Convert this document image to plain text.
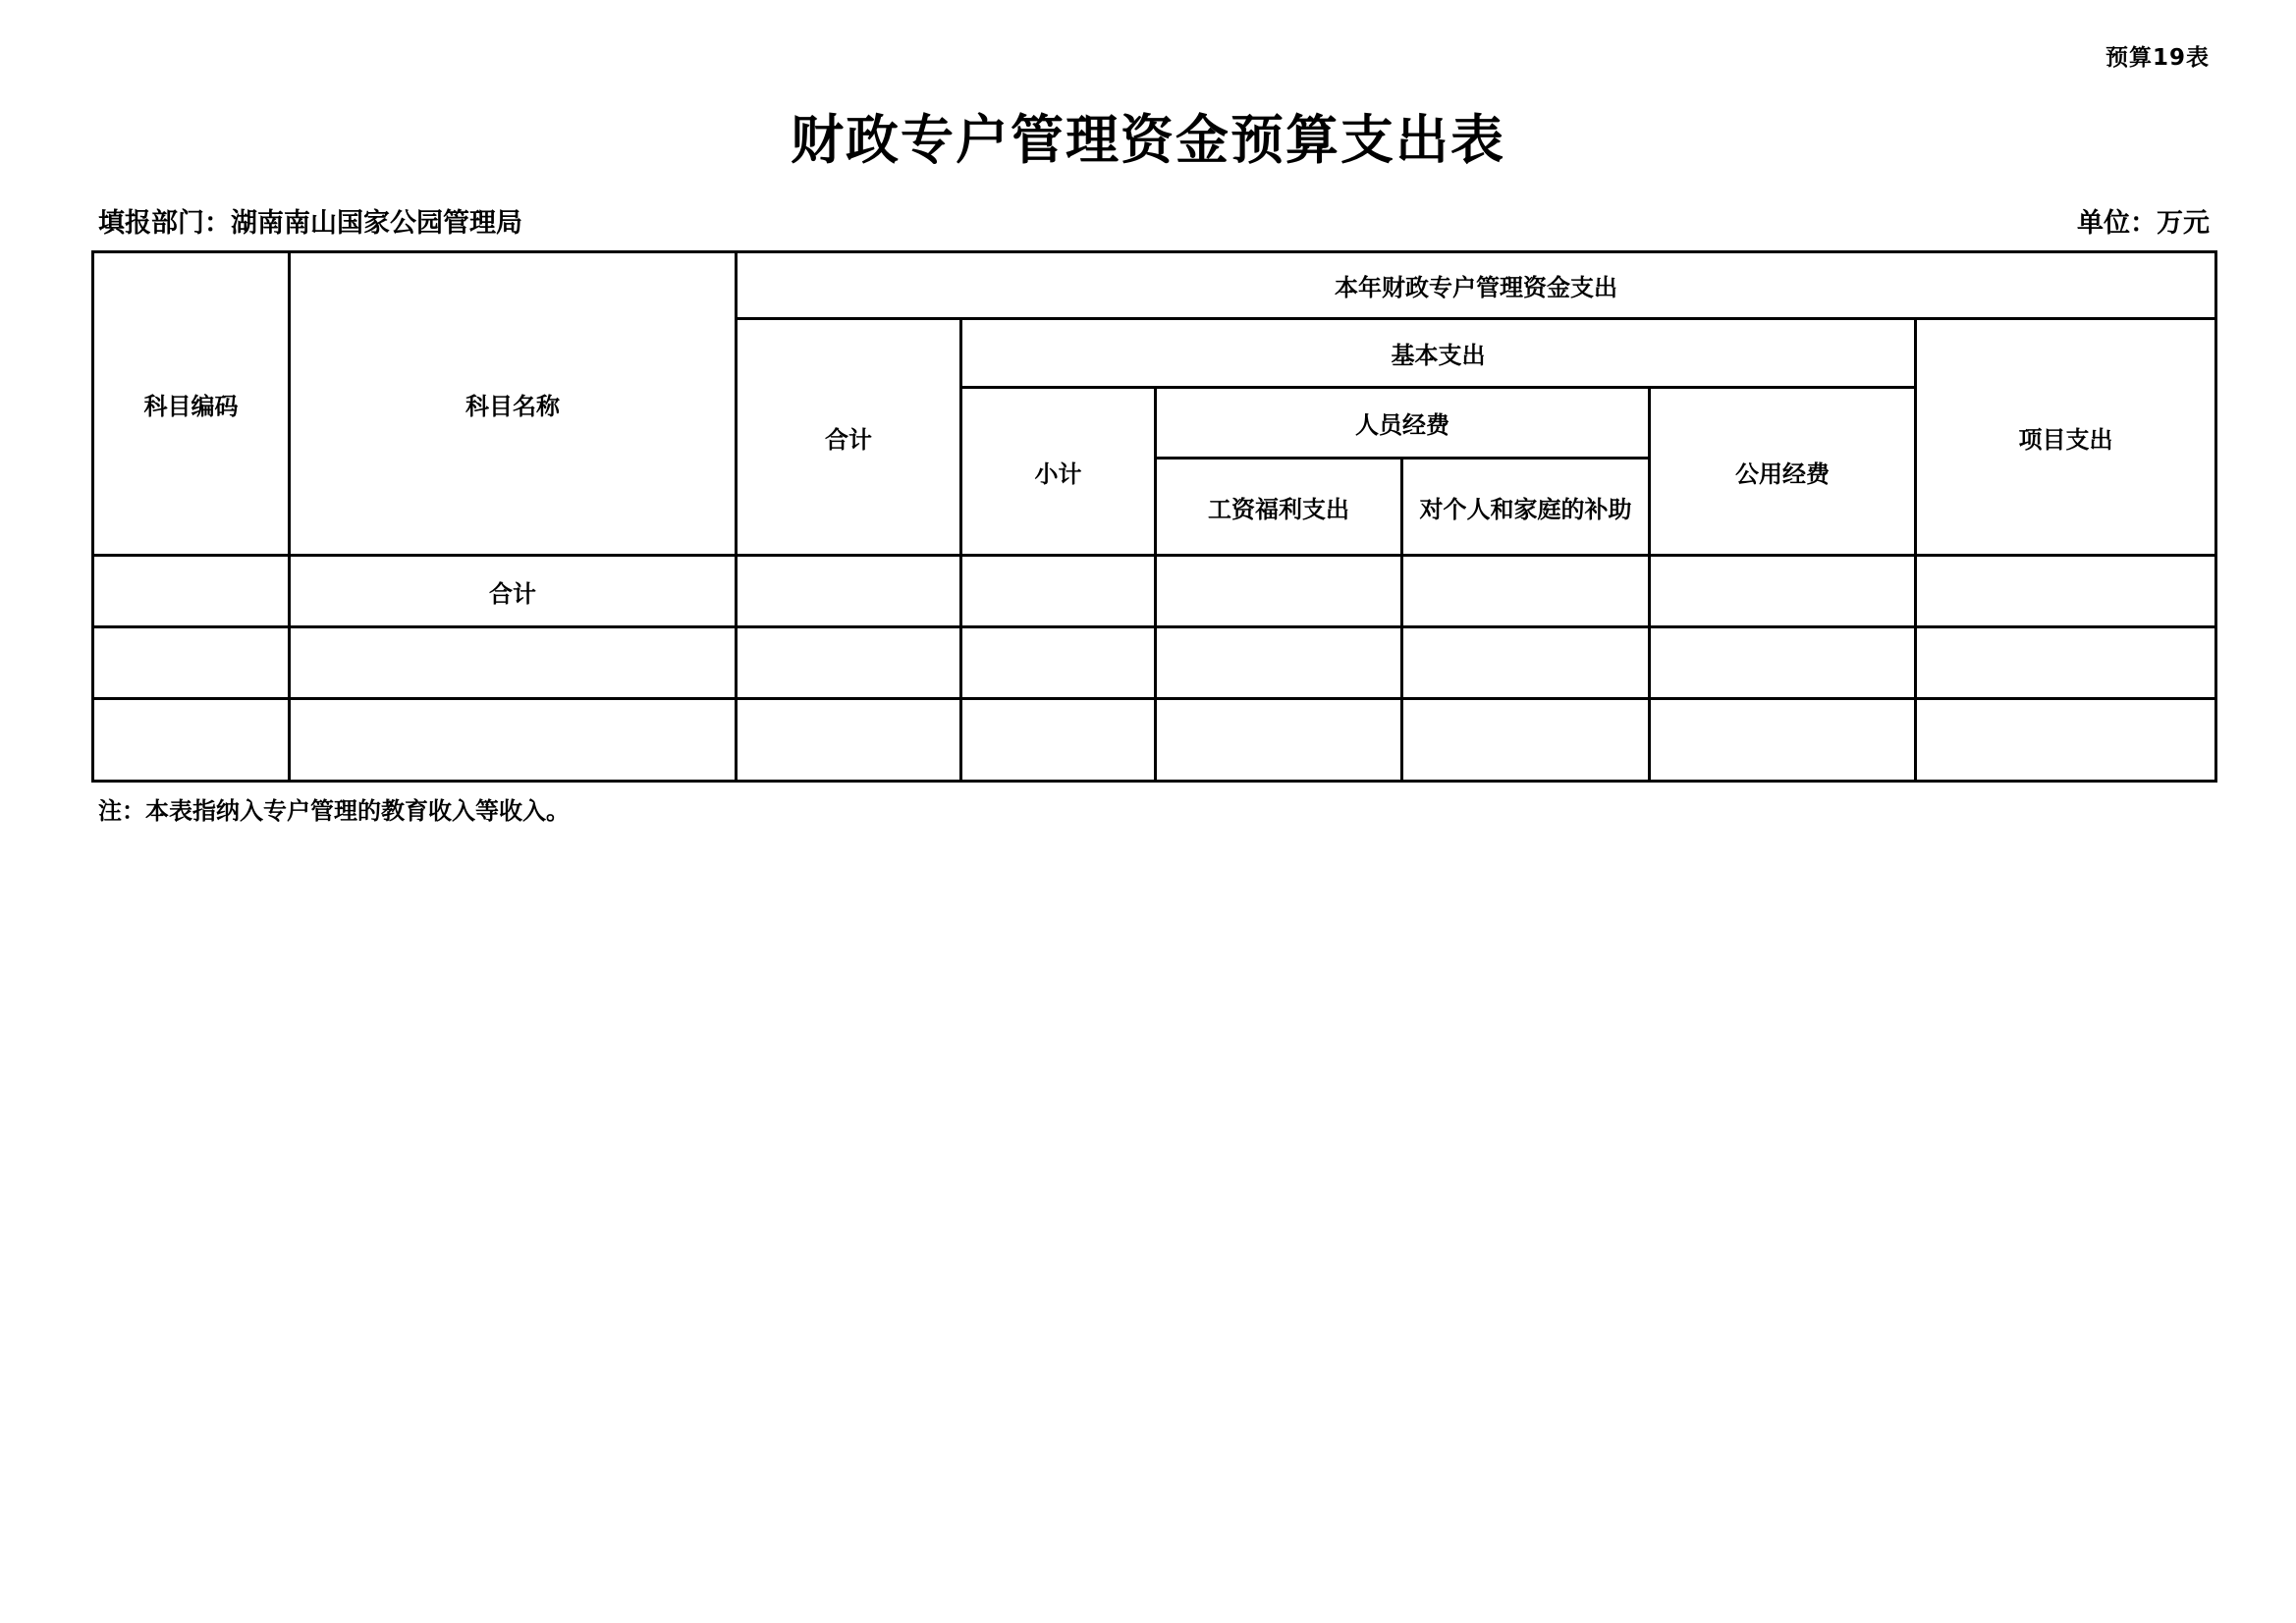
预算19表
财政专户管理资金预算支出表
填报部门：湖南南山国家公园管理局	单位：万元
科目编码	科目名称	本年财政专户管理资金支出					
		合计	基本支出				项目支出
			小计	人员经费		公用经费	
				工资福利支出	对个人和家庭的补助		
	合计						

注：本表指纳入专户管理的教育收入等收入。
